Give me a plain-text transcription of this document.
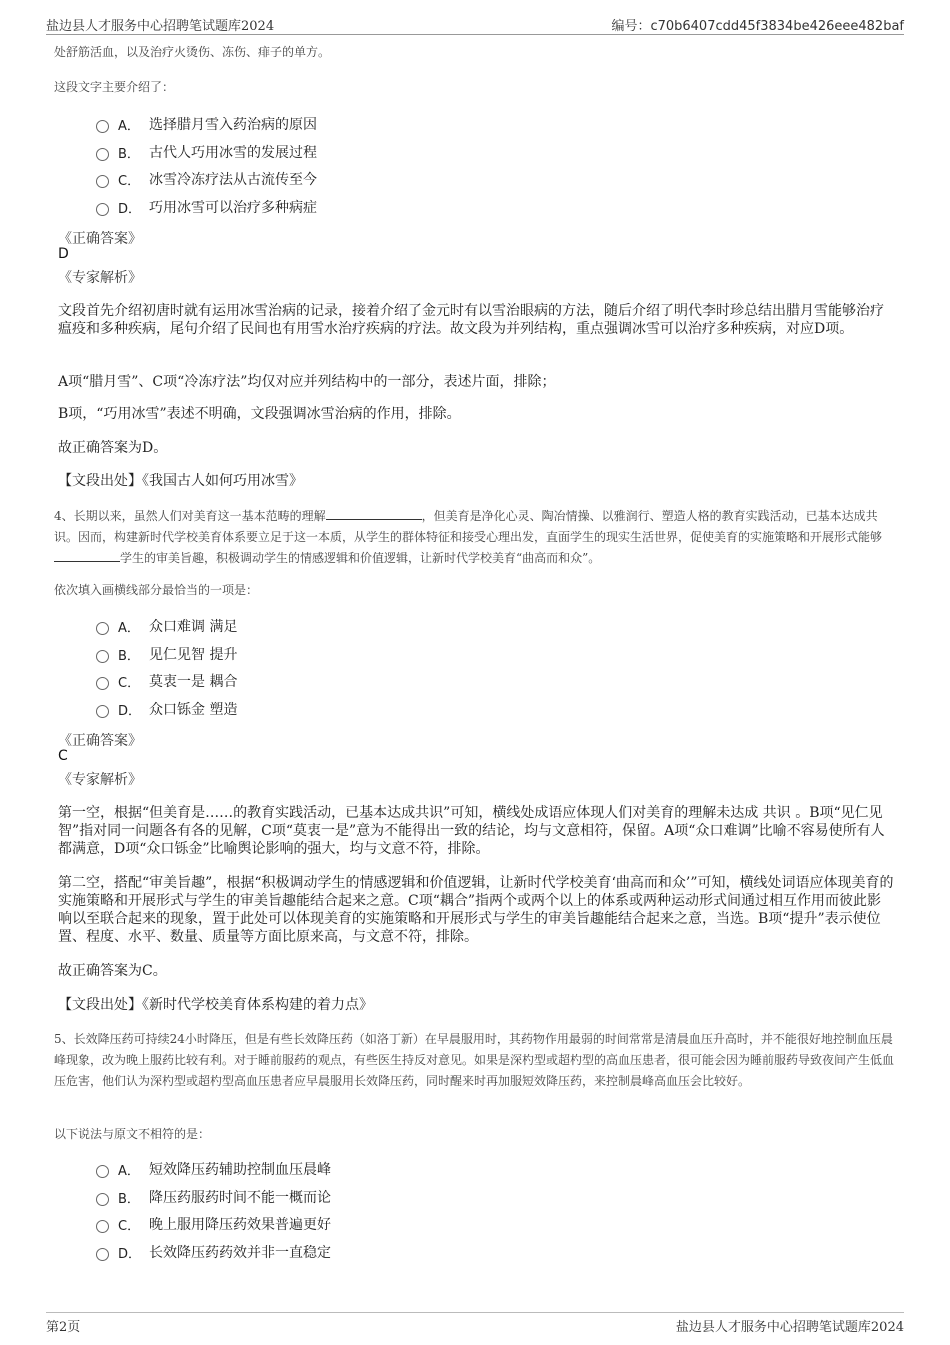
盐边县人才服务中心招聘笔试题库2024	编号：c70b6407cdd45f3834be426eee482baf
处舒筋活血，以及治疗火烫伤、冻伤、痱子的单方。
这段文字主要介绍了：
A． 选择腊月雪入药治病的原因
B． 古代人巧用冰雪的发展过程
C． 冰雪冷冻疗法从古流传至今
D． 巧用冰雪可以治疗多种病症
《正确答案》
D
《专家解析》
文段首先介绍初唐时就有运用冰雪治病的记录，接着介绍了金元时有以雪治眼病的方法，随后介绍了明代李时珍总结出腊月雪能够治疗瘟疫和多种疾病，尾句介绍了民间也有用雪水治疗疾病的疗法。故文段为并列结构，重点强调冰雪可以治疗多种疾病，对应D项。
A项“腊月雪”、C项“冷冻疗法”均仅对应并列结构中的一部分，表述片面，排除；
B项，“巧用冰雪”表述不明确，文段强调冰雪治病的作用，排除。
故正确答案为D。
【文段出处】《我国古人如何巧用冰雪》
4、长期以来，虽然人们对美育这一基本范畴的理解	，但美育是净化心灵、陶冶情操、以雅润行、塑造人格的教育实践活动，已基本达成共识。因而，构建新时代学校美育体系要立足于这一本质，从学生的群体特征和接受心理出发，直面学生的现实生活世界，促使美育的实施策略和开展形式能够学生的审美旨趣，积极调动学生的情感逻辑和价值逻辑，让新时代学校美育“曲高而和众”。
依次填入画横线部分最恰当的一项是：
A． 众口难调 满足
B． 见仁见智 提升
C． 莫衷一是 耦合
D． 众口铄金 塑造
《正确答案》
C
《专家解析》
第一空，根据“但美育是……的教育实践活动，已基本达成共识”可知，横线处成语应体现人们对美育的理解未达成 共识 。B项“见仁见智”指对同一问题各有各的见解，C项“莫衷一是”意为不能得出一致的结论，均与文意相符，保留。A项“众口难调”比喻不容易使所有人都满意，D项“众口铄金”比喻舆论影响的强大，均与文意不符，排除。
第二空，搭配“审美旨趣”，根据“积极调动学生的情感逻辑和价值逻辑，让新时代学校美育‘曲高而和众’”可知，横线处词语应体现美育的实施策略和开展形式与学生的审美旨趣能结合起来之意。C项“耦合”指两个或两个以上的体系或两种运动形式间通过相互作用而彼此影响以至联合起来的现象，置于此处可以体现美育的实施策略和开展形式与学生的审美旨趣能结合起来之意，当选。B项“提升”表示使位置、程度、水平、数量、质量等方面比原来高，与文意不符，排除。
故正确答案为C。
【文段出处】《新时代学校美育体系构建的着力点》
5、长效降压药可持续24小时降压，但是有些长效降压药（如洛丁新）在早晨服用时，其药物作用最弱的时间常常是清晨血压升高时，并不能很好地控制血压晨峰现象，改为晚上服药比较有利。对于睡前服药的观点，有些医生持反对意见。如果是深杓型或超杓型的高血压患者，很可能会因为睡前服药导致夜间产生低血压危害，他们认为深杓型或超杓型高血压患者应早晨服用长效降压药，同时醒来时再加服短效降压药，来控制晨峰高血压会比较好。
以下说法与原文不相符的是：
A． 短效降压药辅助控制血压晨峰
B． 降压药服药时间不能一概而论
C． 晚上服用降压药效果普遍更好
D． 长效降压药药效并非一直稳定
第2页	盐边县人才服务中心招聘笔试题库2024
